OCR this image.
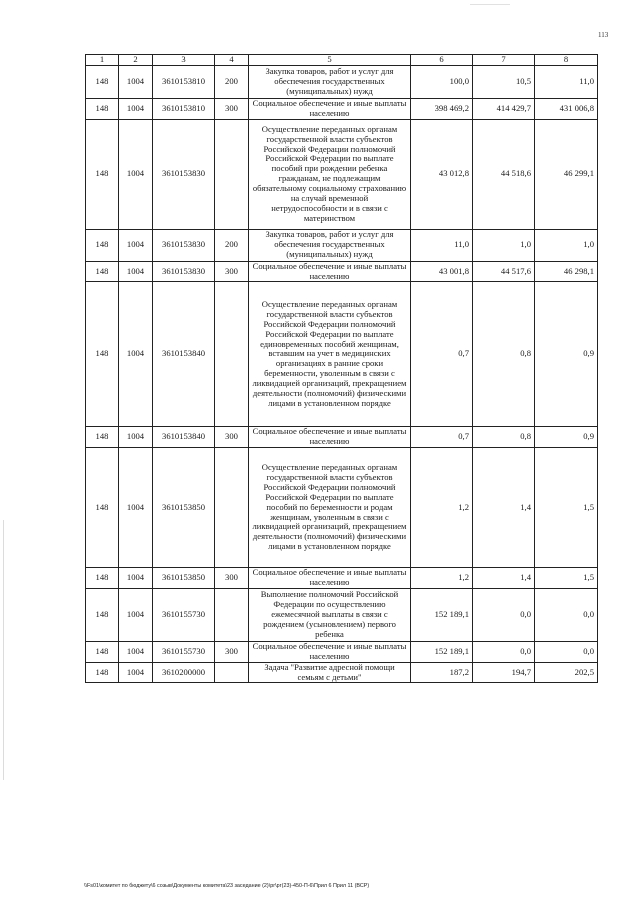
113
1	2	3	4	5	6	7	8
148	1004	3610153810	200	Закупка товаров, работ и услуг для обеспечения государственных (муниципальных) нужд	100,0	10,5	11,0
148	1004	3610153810	300	Социальное обеспечение и иные выплаты населению	398 469,2	414 429,7	431 006,8
148	1004	3610153830		Осуществление переданных органам государственной власти субъектов Российской Федерации полномочий Российской Федерации по выплате пособий при рождении ребенка гражданам, не подлежащим обязательному социальному страхованию на случай временной нетрудоспособности и в связи с материнством	43 012,8	44 518,6	46 299,1
148	1004	3610153830	200	Закупка товаров, работ и услуг для обеспечения государственных (муниципальных) нужд	11,0	1,0	1,0
148	1004	3610153830	300	Социальное обеспечение и иные выплаты населению	43 001,8	44 517,6	46 298,1
148	1004	3610153840		Осуществление переданных органам государственной власти субъектов Российской Федерации полномочий Российской Федерации по выплате единовременных пособий женщинам, вставшим на учет в медицинских организациях в ранние сроки беременности, уволенным в связи с ликвидацией организаций, прекращением деятельности (полномочий) физическими лицами в установленном порядке	0,7	0,8	0,9
148	1004	3610153840	300	Социальное обеспечение и иные выплаты населению	0,7	0,8	0,9
148	1004	3610153850		Осуществление переданных органам государственной власти субъектов Российской Федерации полномочий Российской Федерации по выплате пособий по беременности и родам женщинам, уволенным в связи с ликвидацией организаций, прекращением деятельности (полномочий) физическими лицами в установленном порядке	1,2	1,4	1,5
148	1004	3610153850	300	Социальное обеспечение и иные выплаты населению	1,2	1,4	1,5
148	1004	3610155730		Выполнение полномочий Российской Федерации по осуществлению ежемесячной выплаты в связи с рождением (усыновлением) первого ребенка	152 189,1	0,0	0,0
148	1004	3610155730	300	Социальное обеспечение и иные выплаты населению	152 189,1	0,0	0,0
148	1004	3610200000		Задача "Развитие адресной помощи семьям с детьми"	187,2	194,7	202,5
\\Fs01\комитет по бюджету\6 созыв\Документы комитета\23 заседание (2)\рг\рг(23)-450-П-6\Прил 6 Прил 11 (ВСР)
